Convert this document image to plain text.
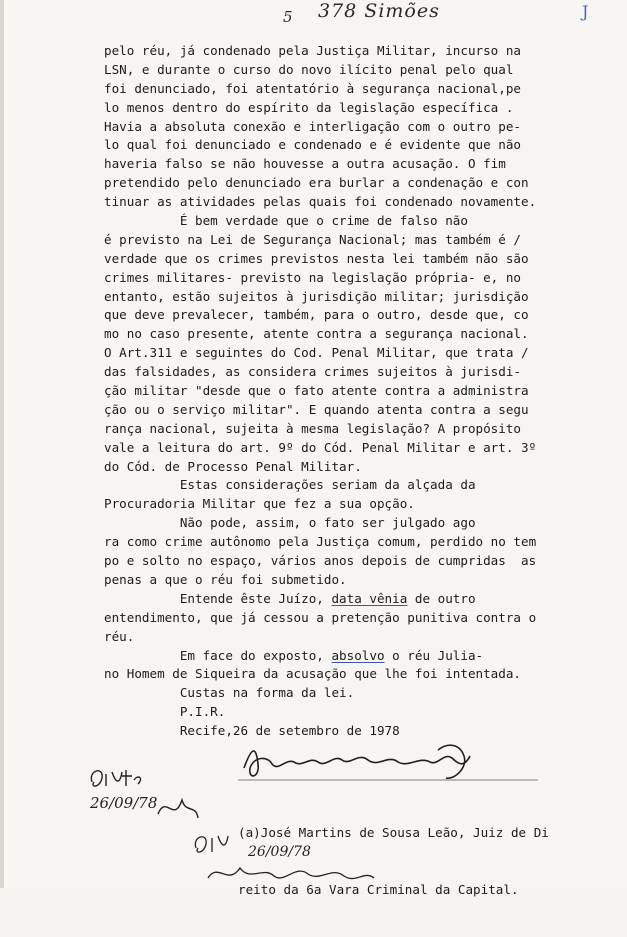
5 378 Simões	J
pelo réu, já condenado pela Justiça Militar, incurso na
LSN, e durante o curso do novo ilícito penal pelo qual
foi denunciado, foi atentatório à segurança nacional,pe
lo menos dentro do espírito da legislação específica .
Havia a absoluta conexão e interligação com o outro pe-
lo qual foi denunciado e condenado e é evidente que não
haveria falso se não houvesse a outra acusação. O fim
pretendido pelo denunciado era burlar a condenação e con
tinuar as atividades pelas quais foi condenado novamente.
É bem verdade que o crime de falso não
é previsto na Lei de Segurança Nacional; mas também é /
verdade que os crimes previstos nesta lei também não são
crimes militares- previsto na legislação própria- e, no
entanto, estão sujeitos à jurisdição militar; jurisdição
que deve prevalecer, também, para o outro, desde que, co
mo no caso presente, atente contra a segurança nacional.
O Art.311 e seguintes do Cod. Penal Militar, que trata /
das falsidades, as considera crimes sujeitos à jurisdi-
ção militar "desde que o fato atente contra a administra
ção ou o serviço militar". E quando atenta contra a segu
rança nacional, sujeita à mesma legislação? A propósito
vale a leitura do art. 9º do Cód. Penal Militar e art. 3º
do Cód. de Processo Penal Militar.
Estas considerações seriam da alçada da
Procuradoria Militar que fez a sua opção.
Não pode, assim, o fato ser julgado ago
ra como crime autônomo pela Justiça comum, perdido no tem
po e solto no espaço, vários anos depois de cumpridas  as
penas a que o réu foi submetido.
Entende êste Juízo, data vênia de outro
entendimento, que já cessou a pretenção punitiva contra o
réu.
Em face do exposto, absolvo o réu Julia-
no Homem de Siqueira da acusação que lhe foi intentada.
Custas na forma da lei.
P.I.R.
Recife,26 de setembro de 1978

(a)José Martins de Sousa Leão, Juiz de Di

reito da 6a Vara Criminal da Capital.

26/09/78
26/09/78
